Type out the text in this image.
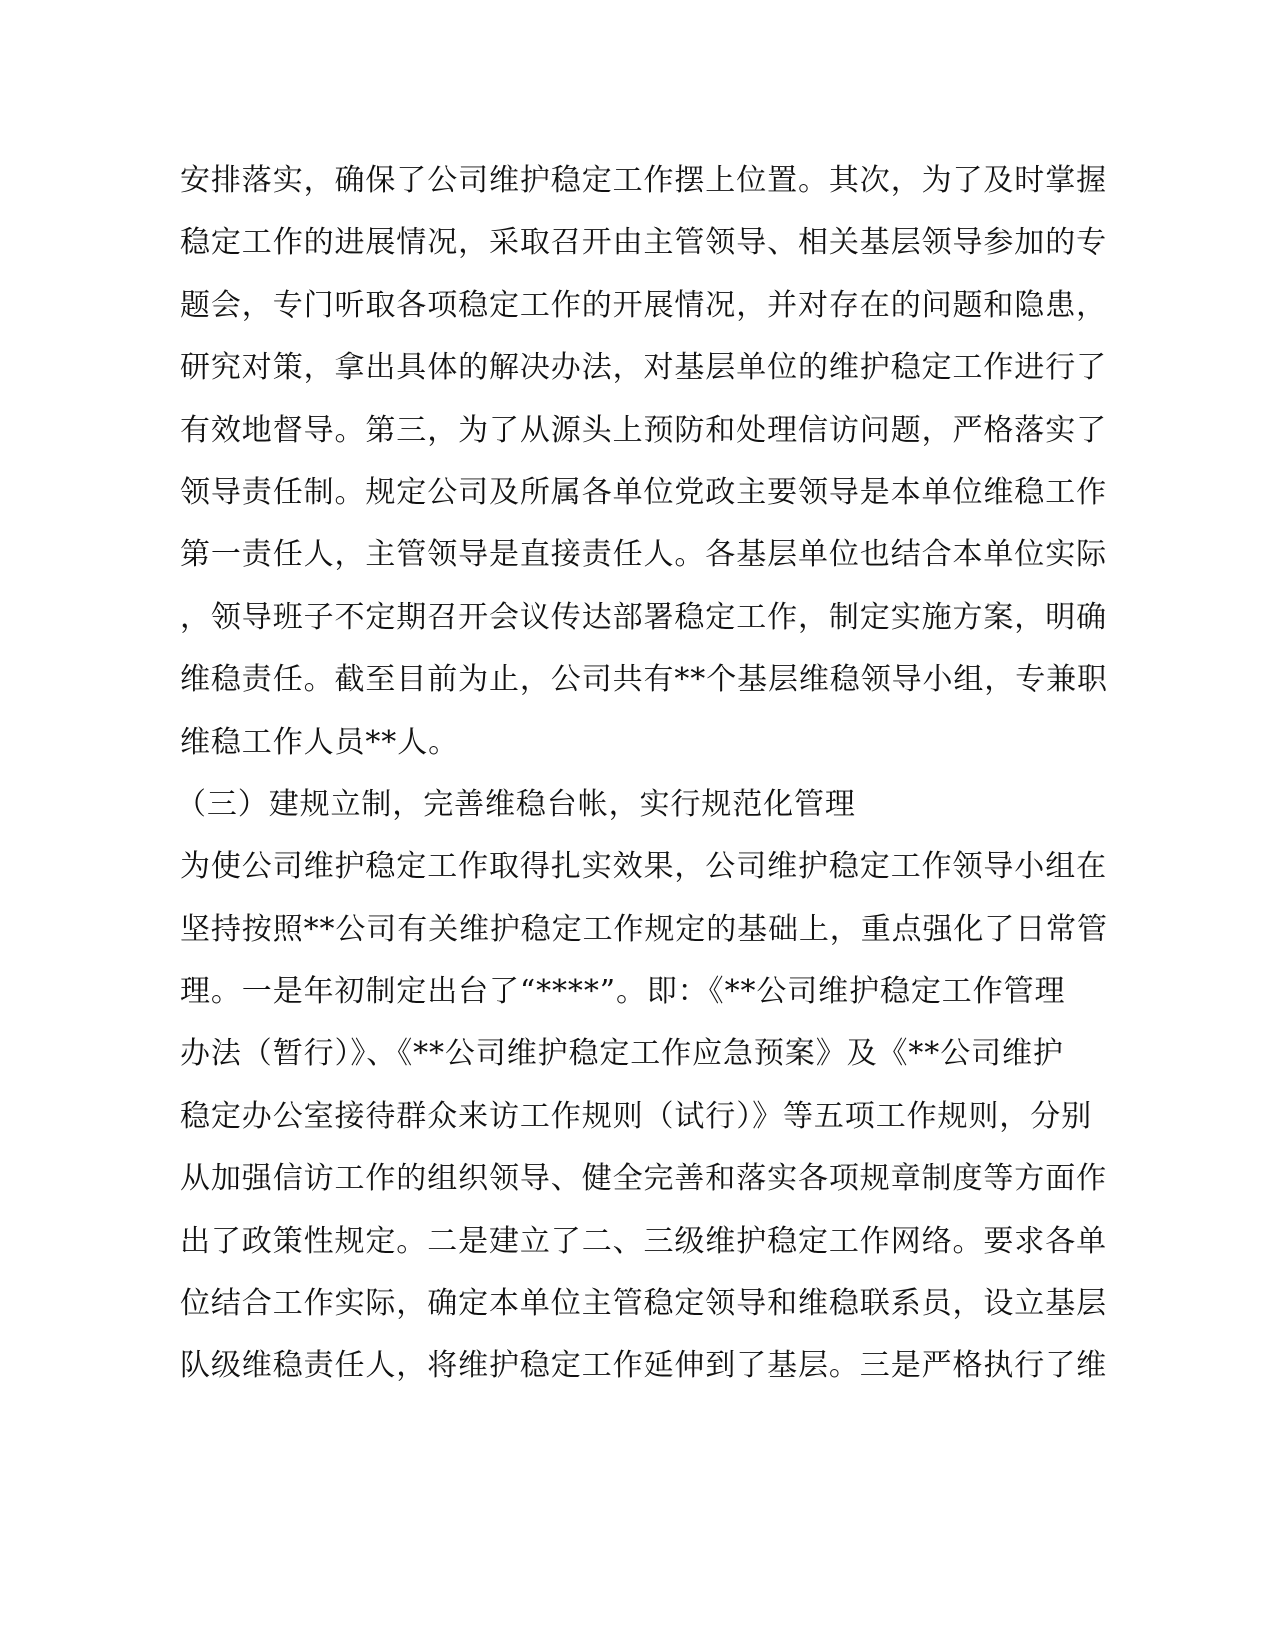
安排落实，确保了公司维护稳定工作摆上位置。其次，为了及时掌握
稳定工作的进展情况，采取召开由主管领导、相关基层领导参加的专
题会，专门听取各项稳定工作的开展情况，并对存在的问题和隐患，
研究对策，拿出具体的解决办法，对基层单位的维护稳定工作进行了
有效地督导。第三，为了从源头上预防和处理信访问题，严格落实了
领导责任制。规定公司及所属各单位党政主要领导是本单位维稳工作
第一责任人，主管领导是直接责任人。各基层单位也结合本单位实际
，领导班子不定期召开会议传达部署稳定工作，制定实施方案，明确
维稳责任。截至目前为止，公司共有**个基层维稳领导小组，专兼职
维稳工作人员**人。
（三）建规立制，完善维稳台帐，实行规范化管理
为使公司维护稳定工作取得扎实效果，公司维护稳定工作领导小组在
坚持按照**公司有关维护稳定工作规定的基础上，重点强化了日常管
理。一是年初制定出台了“****”。即：《**公司维护稳定工作管理
办法（暂行）》、《**公司维护稳定工作应急预案》及《**公司维护
稳定办公室接待群众来访工作规则（试行）》等五项工作规则，分别
从加强信访工作的组织领导、健全完善和落实各项规章制度等方面作
出了政策性规定。二是建立了二、三级维护稳定工作网络。要求各单
位结合工作实际，确定本单位主管稳定领导和维稳联系员，设立基层
队级维稳责任人，将维护稳定工作延伸到了基层。三是严格执行了维
